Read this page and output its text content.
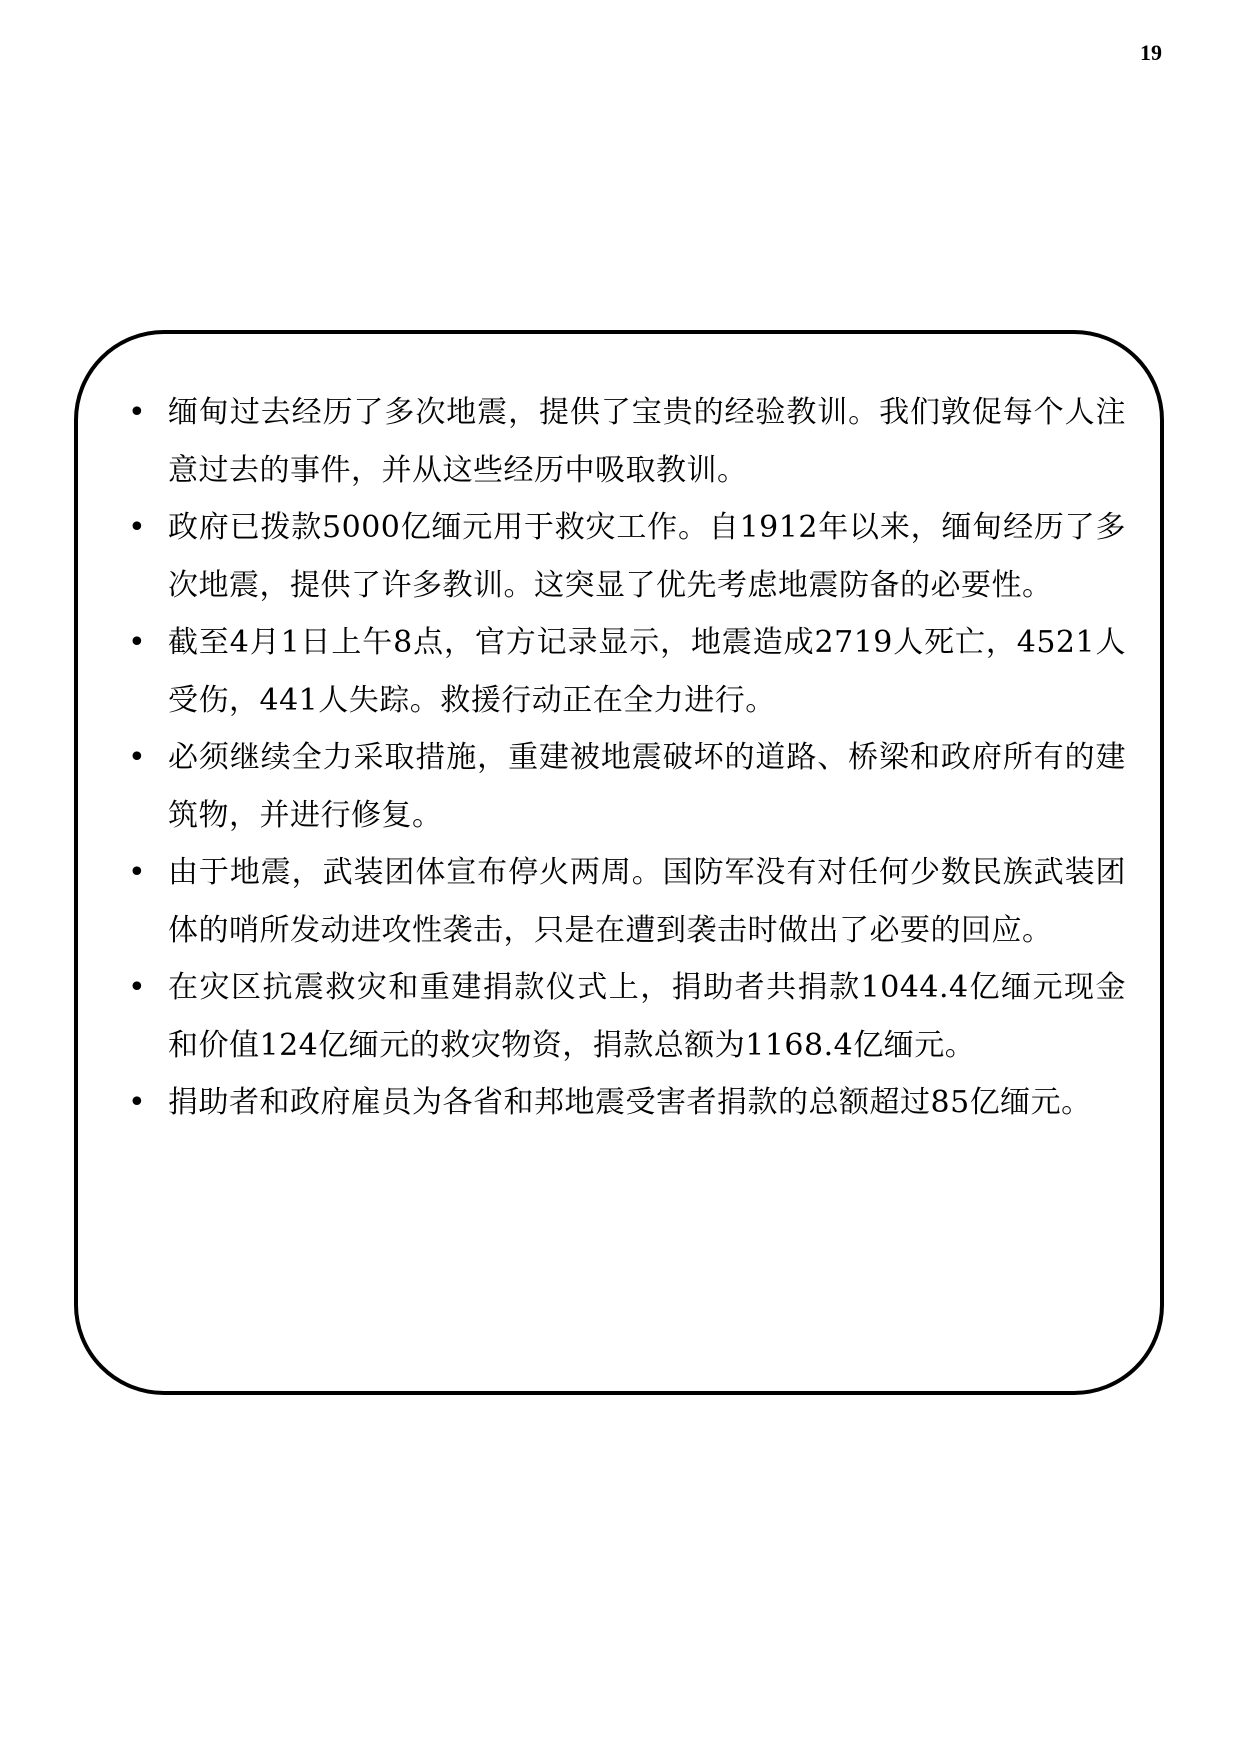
19
• 缅甸过去经历了多次地震，提供了宝贵的经验教训。我们敦促每个人注意过去的事件，并从这些经历中吸取教训。
• 政府已拨款5000亿缅元用于救灾工作。自1912年以来，缅甸经历了多次地震，提供了许多教训。这突显了优先考虑地震防备的必要性。
• 截至4月1日上午8点，官方记录显示，地震造成2719人死亡，4521人受伤，441人失踪。救援行动正在全力进行。
• 必须继续全力采取措施，重建被地震破坏的道路、桥梁和政府所有的建筑物，并进行修复。
• 由于地震，武装团体宣布停火两周。国防军没有对任何少数民族武装团体的哨所发动进攻性袭击，只是在遭到袭击时做出了必要的回应。
• 在灾区抗震救灾和重建捐款仪式上，捐助者共捐款1044.4亿缅元现金和价值124亿缅元的救灾物资，捐款总额为1168.4亿缅元。
• 捐助者和政府雇员为各省和邦地震受害者捐款的总额超过85亿缅元。
